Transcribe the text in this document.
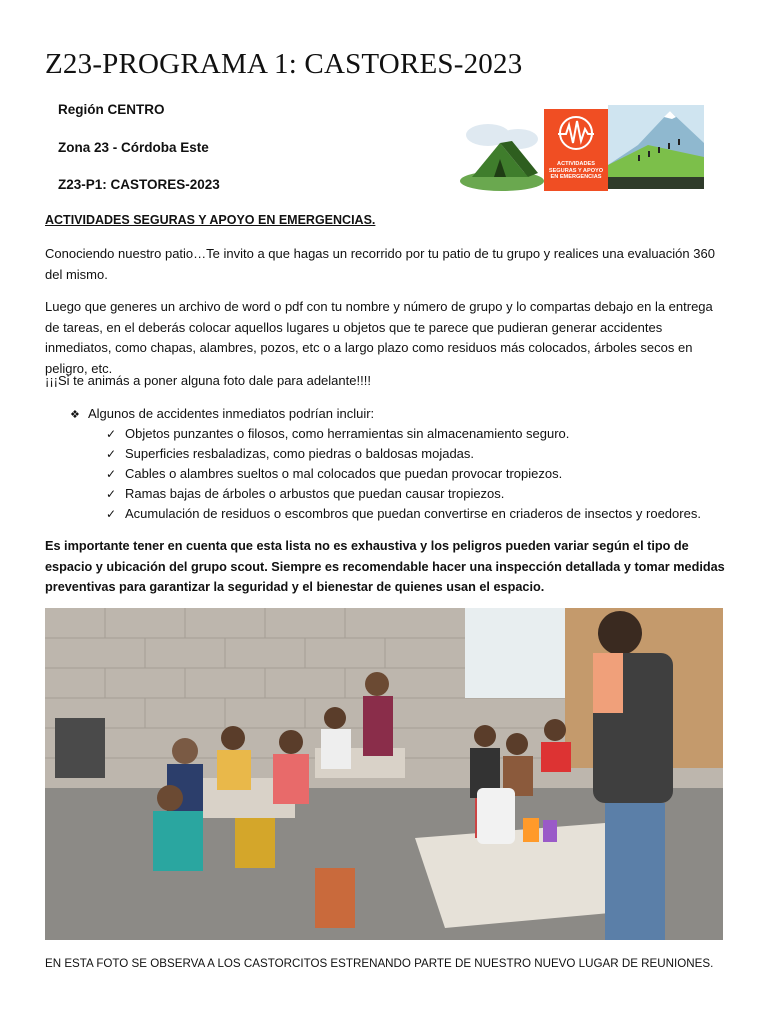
Z23-PROGRAMA 1: CASTORES-2023
Región CENTRO
Zona 23 - Córdoba Este
Z23-P1: CASTORES-2023
ACTIVIDADES SEGURAS Y APOYO EN EMERGENCIAS
ACTIVIDADES SEGURAS Y APOYO EN EMERGENCIAS.
Conociendo nuestro patio…Te invito a que hagas un recorrido por tu patio de tu grupo y realices una evaluación 360 del mismo.
Luego que generes un archivo de word o pdf con tu nombre y número de grupo y lo compartas debajo en la entrega de tareas, en el deberás colocar aquellos lugares u objetos que te parece que pudieran generar accidentes inmediatos, como chapas, alambres, pozos, etc o a largo plazo como residuos más colocados, árboles secos en peligro, etc.
¡¡¡Si te animás a poner alguna foto dale para adelante!!!!
❖ Algunos de accidentes inmediatos podrían incluir:
✓ Objetos punzantes o filosos, como herramientas sin almacenamiento seguro.
✓ Superficies resbaladizas, como piedras o baldosas mojadas.
✓ Cables o alambres sueltos o mal colocados que puedan provocar tropiezos.
✓ Ramas bajas de árboles o arbustos que puedan causar tropiezos.
✓ Acumulación de residuos o escombros que puedan convertirse en criaderos de insectos y roedores.
Es importante tener en cuenta que esta lista no es exhaustiva y los peligros pueden variar según el tipo de espacio y ubicación del grupo scout. Siempre es recomendable hacer una inspección detallada y tomar medidas preventivas para garantizar la seguridad y el bienestar de quienes usan el espacio.
EN ESTA FOTO SE OBSERVA A LOS CASTORCITOS ESTRENANDO PARTE DE NUESTRO NUEVO LUGAR DE REUNIONES.
